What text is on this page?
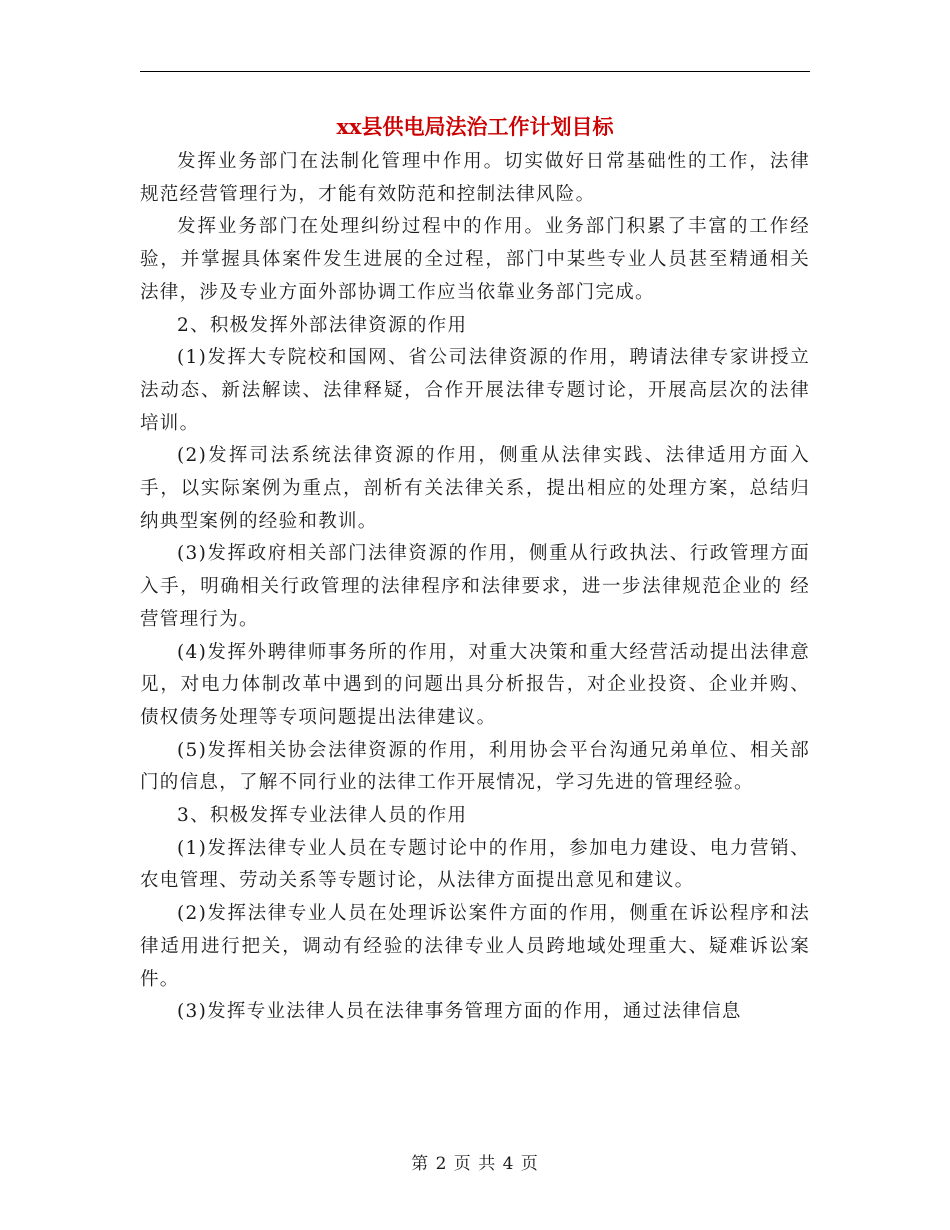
xx县供电局法治工作计划目标

发挥业务部门在法制化管理中作用。切实做好日常基础性的工作，法律规范经营管理行为，才能有效防范和控制法律风险。

发挥业务部门在处理纠纷过程中的作用。业务部门积累了丰富的工作经验，并掌握具体案件发生进展的全过程，部门中某些专业人员甚至精通相关法律，涉及专业方面外部协调工作应当依靠业务部门完成。

2、积极发挥外部法律资源的作用

(1)发挥大专院校和国网、省公司法律资源的作用，聘请法律专家讲授立法动态、新法解读、法律释疑，合作开展法律专题讨论，开展高层次的法律培训。

(2)发挥司法系统法律资源的作用，侧重从法律实践、法律适用方面入手，以实际案例为重点，剖析有关法律关系，提出相应的处理方案，总结归纳典型案例的经验和教训。

(3)发挥政府相关部门法律资源的作用，侧重从行政执法、行政管理方面入手，明确相关行政管理的法律程序和法律要求，进一步法律规范企业的 经营管理行为。

(4)发挥外聘律师事务所的作用，对重大决策和重大经营活动提出法律意见，对电力体制改革中遇到的问题出具分析报告，对企业投资、企业并购、债权债务处理等专项问题提出法律建议。

(5)发挥相关协会法律资源的作用，利用协会平台沟通兄弟单位、相关部门的信息，了解不同行业的法律工作开展情况，学习先进的管理经验。

3、积极发挥专业法律人员的作用

(1)发挥法律专业人员在专题讨论中的作用，参加电力建设、电力营销、农电管理、劳动关系等专题讨论，从法律方面提出意见和建议。

(2)发挥法律专业人员在处理诉讼案件方面的作用，侧重在诉讼程序和法律适用进行把关，调动有经验的法律专业人员跨地域处理重大、疑难诉讼案件。

(3)发挥专业法律人员在法律事务管理方面的作用，通过法律信息

第 2 页 共 4 页
